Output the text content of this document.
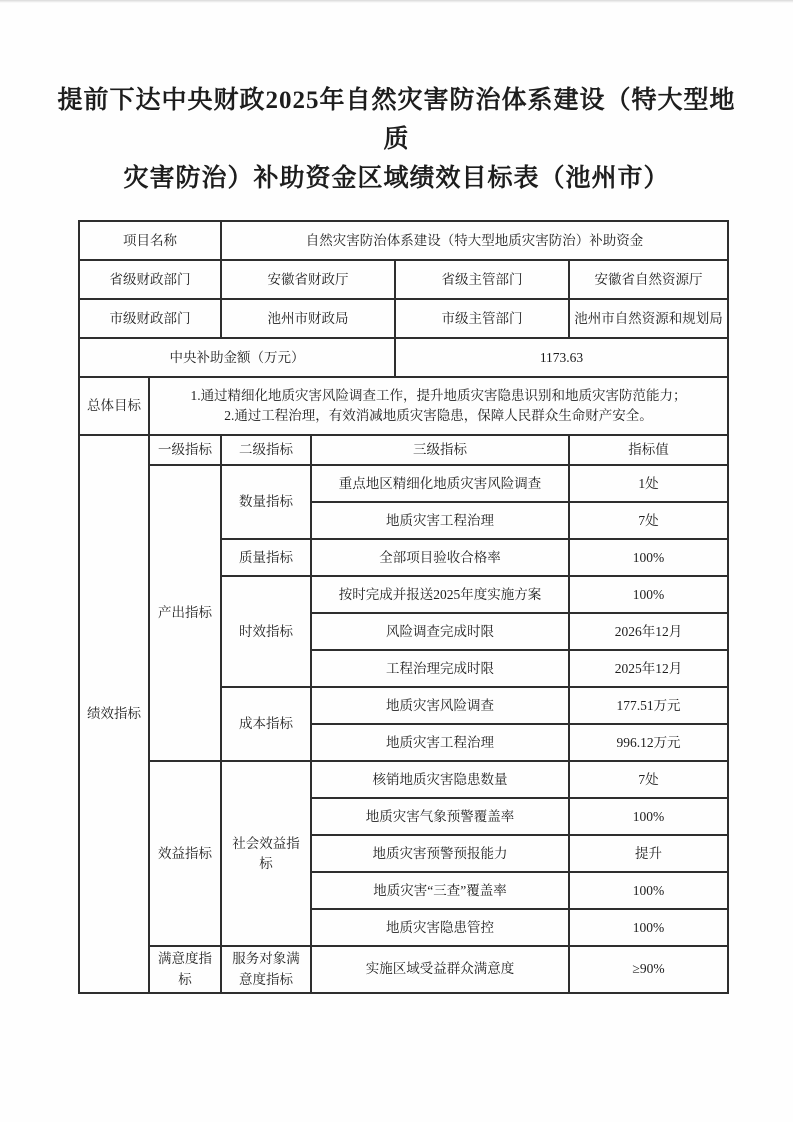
提前下达中央财政2025年自然灾害防治体系建设（特大型地质
灾害防治）补助资金区域绩效目标表（池州市）
项目名称		自然灾害防治体系建设（特大型地质灾害防治）补助资金			
省级财政部门		安徽省财政厅		省级主管部门	安徽省自然资源厅
市级财政部门		池州市财政局		市级主管部门	池州市自然资源和规划局
中央补助金额（万元）				1173.63	
总体目标	1.通过精细化地质灾害风险调查工作，提升地质灾害隐患识别和地质灾害防范能力；
2.通过工程治理，有效消减地质灾害隐患，保障人民群众生命财产安全。				

绩效指标	一级指标	二级指标	三级指标		指标值
	产出指标	数量指标	重点地区精细化地质灾害风险调查		1处
			地质灾害工程治理		7处
		质量指标	全部项目验收合格率		100%
		时效指标	按时完成并报送2025年度实施方案		100%
			风险调查完成时限		2026年12月
			工程治理完成时限		2025年12月
		成本指标	地质灾害风险调查		177.51万元
			地质灾害工程治理		996.12万元
	效益指标	社会效益指标	核销地质灾害隐患数量		7处
			地质灾害气象预警覆盖率		100%
			地质灾害预警预报能力		提升
			地质灾害“三查”覆盖率		100%
			地质灾害隐患管控		100%
	满意度指标	服务对象满意度指标	实施区域受益群众满意度		≥90%
